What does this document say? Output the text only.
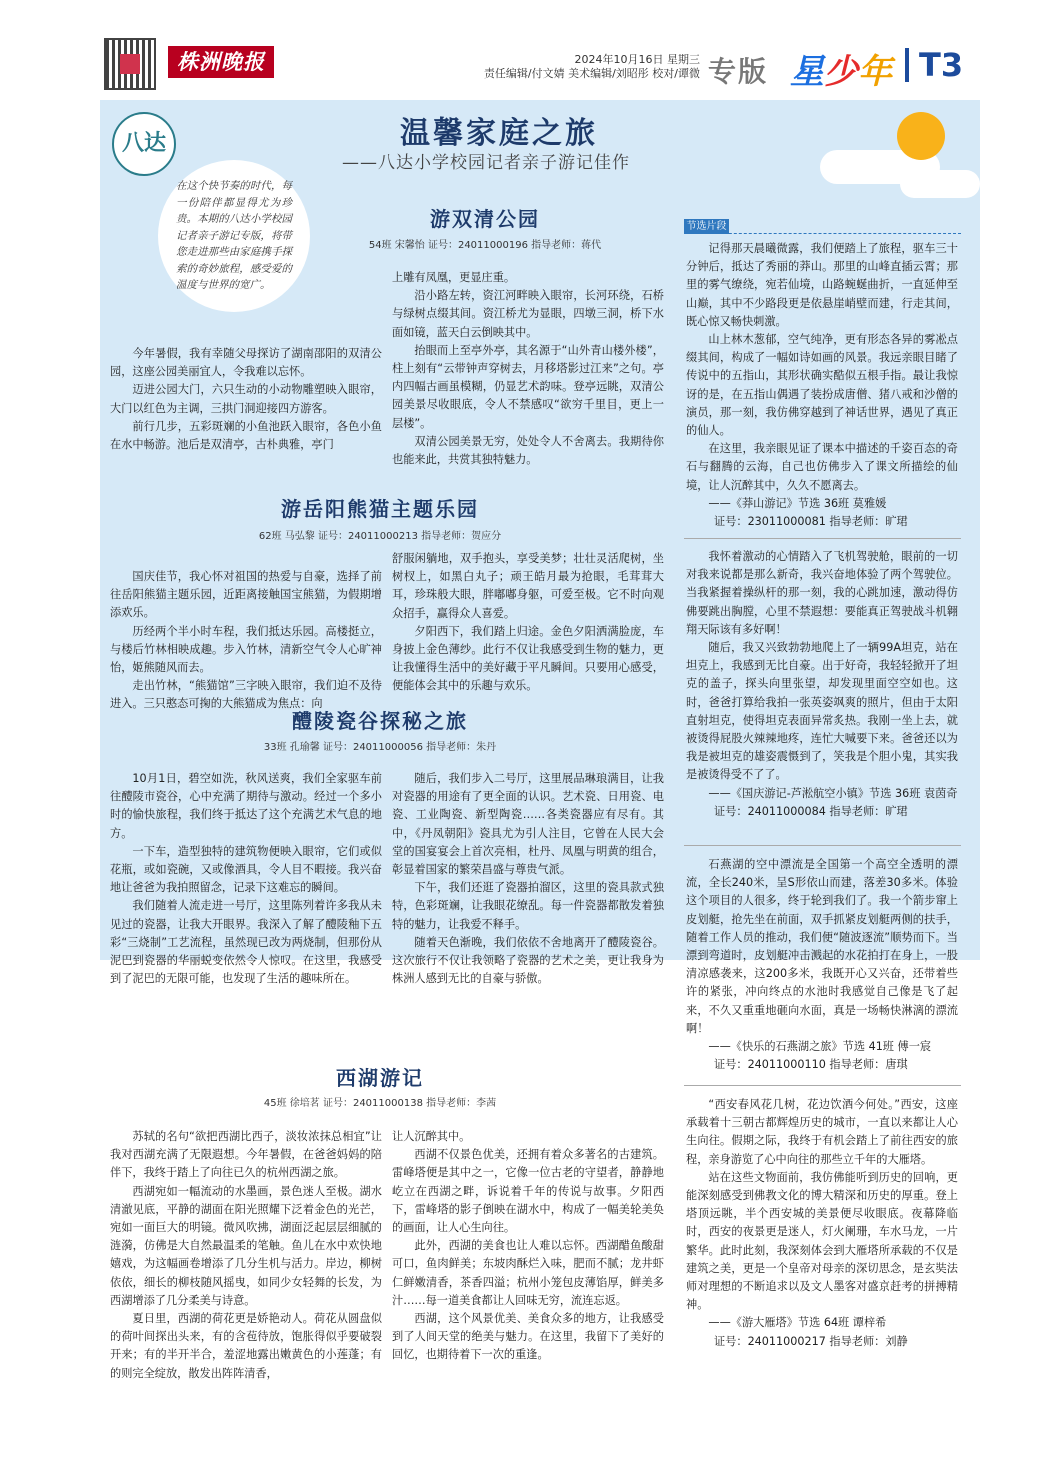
株洲晚报	2024年10月16日 星期三
责任编辑/付文婧 美术编辑/刘昭彤 校对/谭微 专版 星少年 T3
八达	温馨家庭之旅
——八达小学校园记者亲子游记佳作
在这个快节奏的时代，每一份陪伴都显得尤为珍贵。本期的八达小学校园记者亲子游记专版，将带您走进那些由家庭携手探索的奇妙旅程，感受爱的温度与世界的宽广。
游双清公园
54班 宋馨怡 证号：24011000196 指导老师：蒋代

今年暑假，我有幸随父母探访了湖南邵阳的双清公园，这座公园美丽宜人，令我难以忘怀。

迈进公园大门，六只生动的小动物雕塑映入眼帘，大门以红色为主调，三拱门洞迎接四方游客。

前行几步，五彩斑斓的小鱼池跃入眼帘，各色小鱼在水中畅游。池后是双清亭，古朴典雅，亭门

上雕有凤凰，更显庄重。

沿小路左转，资江河畔映入眼帘，长河环绕，石桥与绿树点缀其间。资江桥尤为显眼，四墩三洞，桥下水面如镜，蓝天白云倒映其中。

抬眼而上至亭外亭，其名源于“山外青山楼外楼”，柱上刻有“云带钟声穿树去，月移塔影过江来”之句。亭内四幅古画虽模糊，仍显艺术韵味。登亭远眺，双清公园美景尽收眼底，令人不禁感叹“欲穷千里目，更上一层楼”。

双清公园美景无穷，处处令人不舍离去。我期待你也能来此，共赏其独特魅力。

游岳阳熊猫主题乐园
62班 马弘黎 证号：24011000213 指导老师：贺应分

国庆佳节，我心怀对祖国的热爱与自豪，选择了前往岳阳熊猫主题乐园，近距离接触国宝熊猫，为假期增添欢乐。

历经两个半小时车程，我们抵达乐园。高楼挺立，与楼后竹林相映成趣。步入竹林，清新空气令人心旷神怡，姬熊随风而去。

走出竹林，“熊猫馆”三字映入眼帘，我们迫不及待进入。三只憨态可掬的大熊猫成为焦点：向

舒服闲躺地，双手抱头，享受美梦；壮壮灵活爬树，坐树杈上，如黑白丸子；顽王皓月最为抢眼，毛茸茸大耳，珍珠般大眼，胖嘟嘟身躯，可爱至极。它不时向观众招手，赢得众人喜爱。

夕阳西下，我们踏上归途。金色夕阳洒满脸庞，车身披上金色薄纱。此行不仅让我感受到生物的魅力，更让我懂得生活中的美好藏于平凡瞬间。只要用心感受，便能体会其中的乐趣与欢乐。

醴陵瓷谷探秘之旅
33班 孔瑜馨 证号：24011000056 指导老师：朱丹

10月1日，碧空如洗，秋风送爽，我们全家驱车前往醴陵市瓷谷，心中充满了期待与激动。经过一个多小时的愉快旅程，我们终于抵达了这个充满艺术气息的地方。

一下车，造型独特的建筑物便映入眼帘，它们或似花瓶，或如瓷碗，又或像酒具，令人目不暇接。我兴奋地让爸爸为我拍照留念，记录下这难忘的瞬间。

我们随着人流走进一号厅，这里陈列着许多我从未见过的瓷器，让我大开眼界。我深入了解了醴陵釉下五彩“三烧制”工艺流程，虽然现已改为两烧制，但那份从泥巴到瓷器的华丽蜕变依然令人惊叹。在这里，我感受到了泥巴的无限可能，也发现了生活的趣味所在。

随后，我们步入二号厅，这里展品琳琅满目，让我对瓷器的用途有了更全面的认识。艺术瓷、日用瓷、电瓷、工业陶瓷、新型陶瓷……各类瓷器应有尽有。其中，《丹凤朝阳》瓷具尤为引人注目，它曾在人民大会堂的国宴宴会上首次亮相，杜丹、凤凰与明黄的组合，彰显着国家的繁荣昌盛与尊贵气派。

下午，我们还逛了瓷器拍溜区，这里的瓷具款式独特，色彩斑斓，让我眼花缭乱。每一件瓷器都散发着独特的魅力，让我爱不释手。

随着天色渐晚，我们依依不舍地离开了醴陵瓷谷。这次旅行不仅让我领略了瓷器的艺术之美，更让我身为株洲人感到无比的自豪与骄傲。

西湖游记
45班 徐培茗 证号：24011000138 指导老师：李茜

苏轼的名句“欲把西湖比西子，淡妆浓抹总相宜”让我对西湖充满了无限遐想。今年暑假，在爸爸妈妈的陪伴下，我终于踏上了向往已久的杭州西湖之旅。

西湖宛如一幅流动的水墨画，景色迷人至极。湖水清澈见底，平静的湖面在阳光照耀下泛着金色的光芒，宛如一面巨大的明镜。微风吹拂，湖面泛起层层细腻的涟漪，仿佛是大自然最温柔的笔触。鱼儿在水中欢快地嬉戏，为这幅画卷增添了几分生机与活力。岸边，柳树依依，细长的柳枝随风摇曳，如同少女轻舞的长发，为西湖增添了几分柔美与诗意。

夏日里，西湖的荷花更是娇艳动人。荷花从圆盘似的荷叶间探出头来，有的含苞待放，饱胀得似乎要破裂开来；有的半开半合，羞涩地露出嫩黄色的小莲蓬；有的则完全绽放，散发出阵阵清香，

让人沉醉其中。

西湖不仅景色优美，还拥有着众多著名的古建筑。雷峰塔便是其中之一，它像一位古老的守望者，静静地屹立在西湖之畔，诉说着千年的传说与故事。夕阳西下，雷峰塔的影子倒映在湖水中，构成了一幅美轮美奂的画面，让人心生向往。

此外，西湖的美食也让人难以忘怀。西湖醋鱼酸甜可口，鱼肉鲜美；东坡肉酥烂入味，肥而不腻；龙井虾仁鲜嫩清香，茶香四溢；杭州小笼包皮薄馅厚，鲜美多汁……每一道美食都让人回味无穷，流连忘返。

西湖，这个风景优美、美食众多的地方，让我感受到了人间天堂的绝美与魅力。在这里，我留下了美好的回忆，也期待着下一次的重逢。

节选片段

记得那天晨曦微露，我们便踏上了旅程，驱车三十分钟后，抵达了秀丽的莽山。那里的山峰直插云霄；那里的雾气缭绕，宛若仙境，山路蜿蜒曲折，一直延伸至山巅，其中不少路段更是依悬崖峭壁而建，行走其间，既心惊又畅快刺激。

山上林木葱郁，空气纯净，更有形态各异的雾凇点缀其间，构成了一幅如诗如画的风景。我远亲眼目睹了传说中的五指山，其形状确实酷似五根手指。最让我惊讶的是，在五指山偶遇了装扮成唐僧、猪八戒和沙僧的演员，那一刻，我仿佛穿越到了神话世界，遇见了真正的仙人。

在这里，我亲眼见证了课本中描述的千姿百态的奇石与翻腾的云海，自己也仿佛步入了课文所描绘的仙境，让人沉醉其中，久久不愿离去。

——《莽山游记》节选 36班 莫雅媛

证号：23011000081 指导老师：旷珺

我怀着激动的心情踏入了飞机驾驶舱，眼前的一切对我来说都是那么新奇，我兴奋地体验了两个驾驶位。当我紧握着操纵杆的那一刻，我的心跳加速，激动得仿佛要跳出胸膛，心里不禁遐想：要能真正驾驶战斗机翱翔天际该有多好啊！

随后，我又兴致勃勃地爬上了一辆99A坦克，站在坦克上，我感到无比自豪。出于好奇，我轻轻掀开了坦克的盖子，探头向里张望，却发现里面空空如也。这时，爸爸打算给我拍一张英姿飒爽的照片，但由于太阳直射坦克，使得坦克表面异常炙热。我刚一坐上去，就被烫得屁股火辣辣地疼，连忙大喊要下来。爸爸还以为我是被坦克的雄姿震慑到了，笑我是个胆小鬼，其实我是被烫得受不了了。

——《国庆游记-芦淞航空小镇》节选 36班 袁茵奇

证号：24011000084 指导老师：旷珺

石燕湖的空中漂流是全国第一个高空全透明的漂流，全长240米，呈S形依山而建，落差30多米。体验这个项目的人很多，终于轮到我们了。我一个箭步窜上皮划艇，抢先坐在前面，双手抓紧皮划艇两侧的扶手，随着工作人员的推动，我们便“随波逐流”顺势而下。当漂到弯道时，皮划艇冲击溅起的水花拍打在身上，一股清凉感袭来，这200多米，我既开心又兴奋，还带着些许的紧张，冲向终点的水池时我感觉自己像是飞了起来，不久又重重地砸向水面，真是一场畅快淋漓的漂流啊！

——《快乐的石燕湖之旅》节选 41班 傅一宸

证号：24011000110 指导老师：唐琪

“西安春风花几树，花边饮酒今何处。”西安，这座承载着十三朝古都辉煌历史的城市，一直以来都让人心生向往。假期之际，我终于有机会踏上了前往西安的旅程，亲身游览了心中向往的那些立千年的大雁塔。

站在这些文物面前，我仿佛能听到历史的回响，更能深刻感受到佛教文化的博大精深和历史的厚重。登上塔顶远眺，半个西安城的美景便尽收眼底。夜幕降临时，西安的夜景更是迷人，灯火阑珊，车水马龙，一片繁华。此时此刻，我深刻体会到大雁塔所承载的不仅是建筑之美，更是一个皇帝对母亲的深切思念，是玄奘法师对理想的不断追求以及文人墨客对盛京赶考的拼搏精神。

——《游大雁塔》节选 64班 谭梓希

证号：24011000217 指导老师：刘静
